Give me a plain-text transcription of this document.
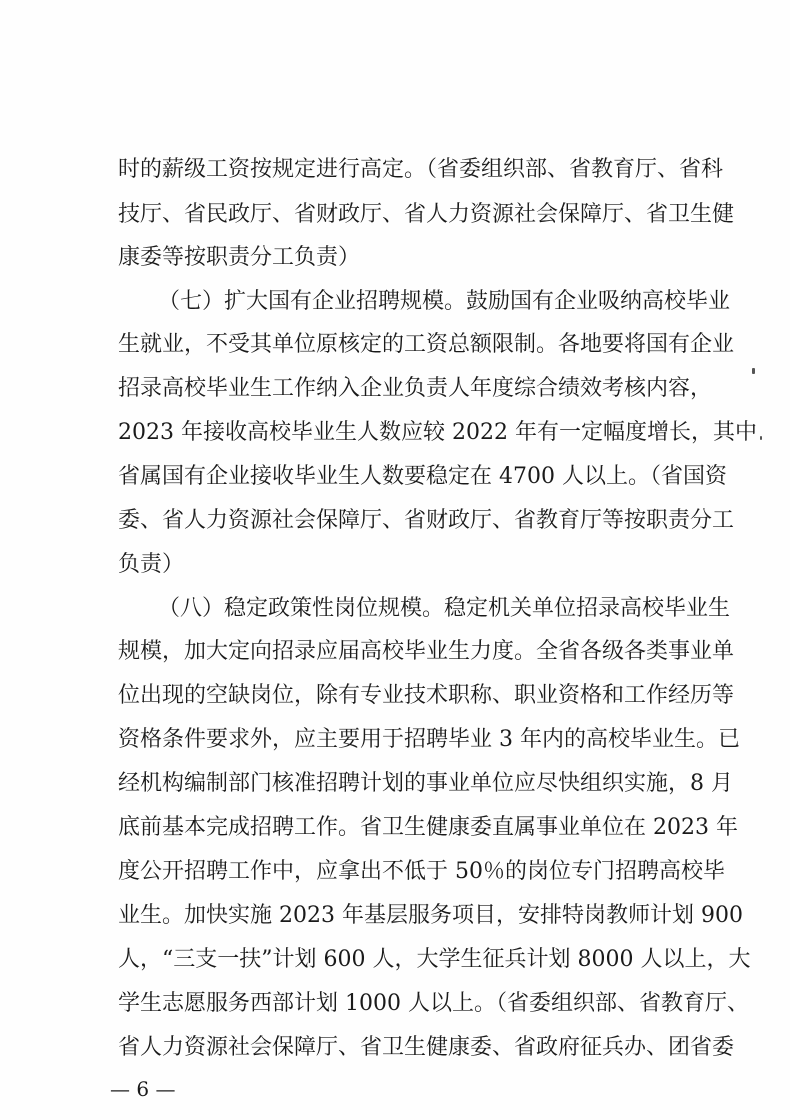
时的薪级工资按规定进行高定。（省委组织部、省教育厅、省科
技厅、省民政厅、省财政厅、省人力资源社会保障厅、省卫生健
康委等按职责分工负责）
（七）扩大国有企业招聘规模。鼓励国有企业吸纳高校毕业
生就业，不受其单位原核定的工资总额限制。各地要将国有企业
招录高校毕业生工作纳入企业负责人年度综合绩效考核内容，
2023 年接收高校毕业生人数应较 2022 年有一定幅度增长，其中
省属国有企业接收毕业生人数要稳定在 4700 人以上。（省国资
委、省人力资源社会保障厅、省财政厅、省教育厅等按职责分工
负责）
（八）稳定政策性岗位规模。稳定机关单位招录高校毕业生
规模，加大定向招录应届高校毕业生力度。全省各级各类事业单
位出现的空缺岗位，除有专业技术职称、职业资格和工作经历等
资格条件要求外，应主要用于招聘毕业 3 年内的高校毕业生。已
经机构编制部门核准招聘计划的事业单位应尽快组织实施，8 月
底前基本完成招聘工作。省卫生健康委直属事业单位在 2023 年
度公开招聘工作中，应拿出不低于 50％的岗位专门招聘高校毕
业生。加快实施 2023 年基层服务项目，安排特岗教师计划 900
人，“三支一扶”计划 600 人，大学生征兵计划 8000 人以上，大
学生志愿服务西部计划 1000 人以上。（省委组织部、省教育厅、
省人力资源社会保障厅、省卫生健康委、省政府征兵办、团省委
— 6 —
